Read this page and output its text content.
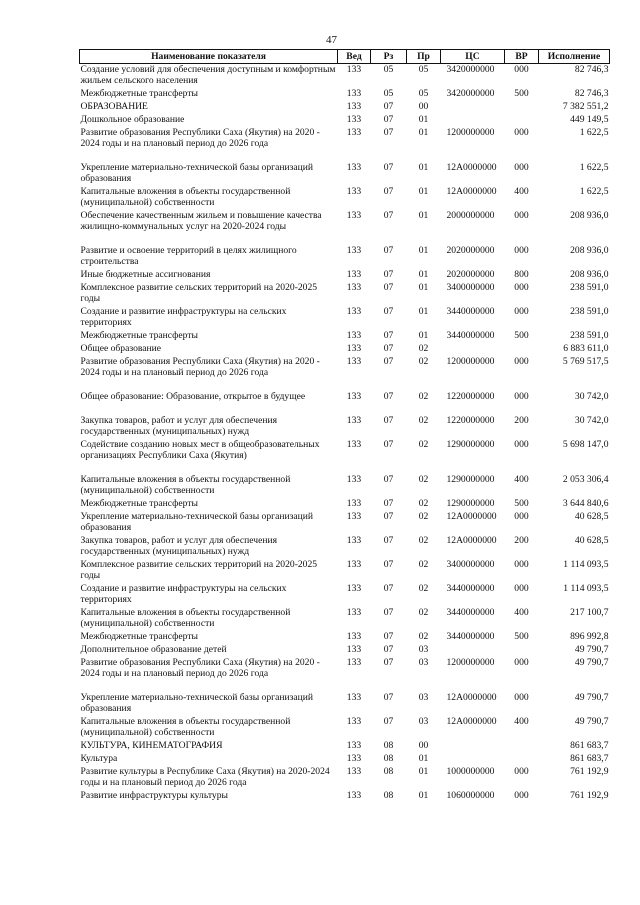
47
Наименование показателя	Вед	Рз	Пр	ЦС	ВР	Исполнение
Создание условий для обеспечения доступным и комфортным жильем сельского населения	133	05	05	3420000000	000	82 746,3
Межбюджетные трансферты	133	05	05	3420000000	500	82 746,3
ОБРАЗОВАНИЕ	133	07	00			7 382 551,2
Дошкольное образование	133	07	01			449 149,5
Развитие образования Республики Саха (Якутия) на 2020 - 2024 годы и на плановый период до 2026 года	133	07	01	1200000000	000	1 622,5
Укрепление материально-технической базы организаций образования	133	07	01	12А0000000	000	1 622,5
Капитальные вложения в объекты государственной (муниципальной) собственности	133	07	01	12А0000000	400	1 622,5
Обеспечение качественным жильем и повышение качества жилищно-коммунальных услуг на 2020-2024 годы	133	07	01	2000000000	000	208 936,0
Развитие и освоение территорий в целях жилищного строительства	133	07	01	2020000000	000	208 936,0
Иные бюджетные ассигнования	133	07	01	2020000000	800	208 936,0
Комплексное развитие сельских территорий на 2020-2025 годы	133	07	01	3400000000	000	238 591,0
Создание и развитие инфраструктуры на сельских территориях	133	07	01	3440000000	000	238 591,0
Межбюджетные трансферты	133	07	01	3440000000	500	238 591,0
Общее образование	133	07	02			6 883 611,0
Развитие образования Республики Саха (Якутия) на 2020 - 2024 годы и на плановый период до 2026 года	133	07	02	1200000000	000	5 769 517,5
Общее образование: Образование, открытое в будущее	133	07	02	1220000000	000	30 742,0
Закупка товаров, работ и услуг для обеспечения государственных (муниципальных) нужд	133	07	02	1220000000	200	30 742,0
Содействие созданию новых мест в общеобразовательных организациях Республики Саха (Якутия)	133	07	02	1290000000	000	5 698 147,0
Капитальные вложения в объекты государственной (муниципальной) собственности	133	07	02	1290000000	400	2 053 306,4
Межбюджетные трансферты	133	07	02	1290000000	500	3 644 840,6
Укрепление материально-технической базы организаций образования	133	07	02	12А0000000	000	40 628,5
Закупка товаров, работ и услуг для обеспечения государственных (муниципальных) нужд	133	07	02	12А0000000	200	40 628,5
Комплексное развитие сельских территорий на 2020-2025 годы	133	07	02	3400000000	000	1 114 093,5
Создание и развитие инфраструктуры на сельских территориях	133	07	02	3440000000	000	1 114 093,5
Капитальные вложения в объекты государственной (муниципальной) собственности	133	07	02	3440000000	400	217 100,7
Межбюджетные трансферты	133	07	02	3440000000	500	896 992,8
Дополнительное образование детей	133	07	03			49 790,7
Развитие образования Республики Саха (Якутия) на 2020 - 2024 годы и на плановый период до 2026 года	133	07	03	1200000000	000	49 790,7
Укрепление материально-технической базы организаций образования	133	07	03	12А0000000	000	49 790,7
Капитальные вложения в объекты государственной (муниципальной) собственности	133	07	03	12А0000000	400	49 790,7
КУЛЬТУРА, КИНЕМАТОГРАФИЯ	133	08	00			861 683,7
Культура	133	08	01			861 683,7
Развитие культуры в Республике Саха (Якутия) на 2020-2024 годы и на плановый период до 2026 года	133	08	01	1000000000	000	761 192,9
Развитие инфраструктуры культуры	133	08	01	1060000000	000	761 192,9
